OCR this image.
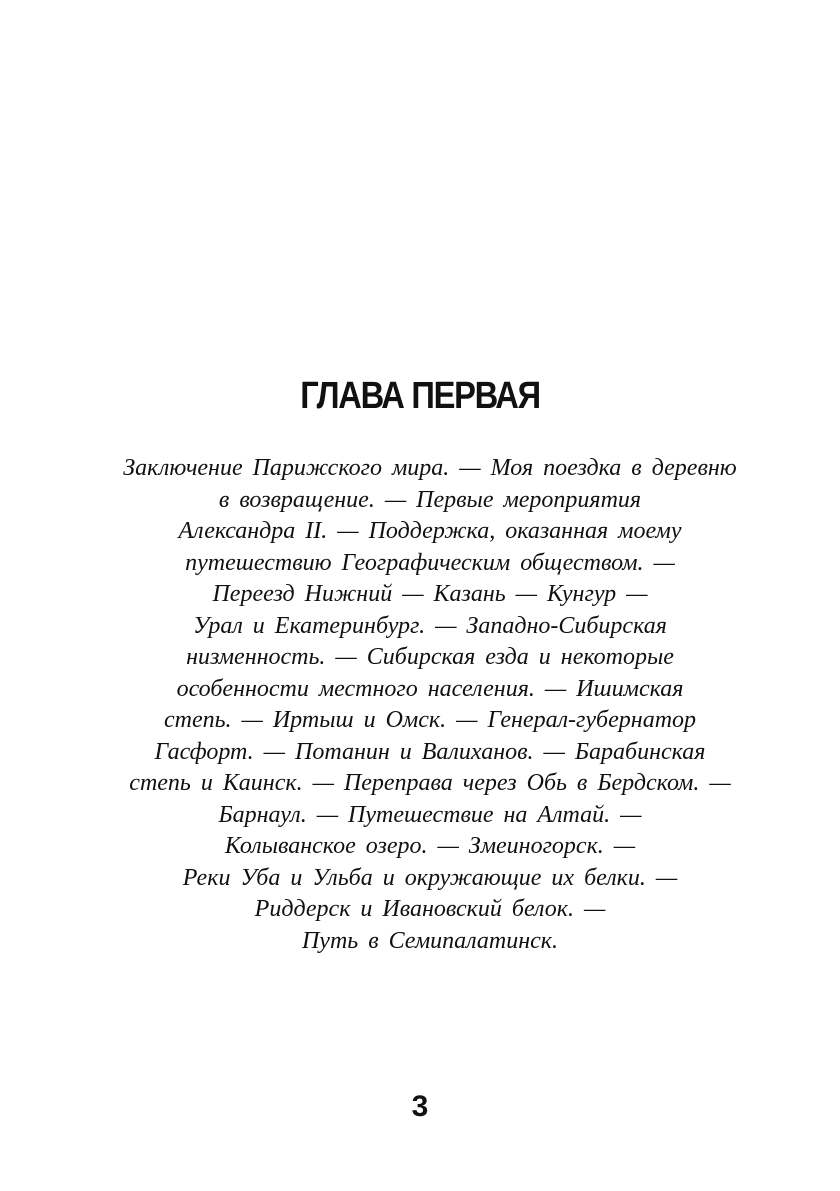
ГЛАВА ПЕРВАЯ
Заключение Парижского мира. — Моя поездка в деревню
в возвращение. — Первые мероприятия
Александра II. — Поддержка, оказанная моему
путешествию Географическим обществом. —
Переезд Нижний — Казань — Кунгур —
Урал и Екатеринбург. — Западно-Сибирская
низменность. — Сибирская езда и некоторые
особенности местного населения. — Ишимская
степь. — Иртыш и Омск. — Генерал-губернатор
Гасфорт. — Потанин и Валиханов. — Барабинская
степь и Каинск. — Переправа через Обь в Бердском. —
Барнаул. — Путешествие на Алтай. —
Колыванское озеро. — Змеиногорск. —
Реки Уба и Ульба и окружающие их белки. —
Риддерск и Ивановский белок. —
Путь в Семипалатинск.
3
